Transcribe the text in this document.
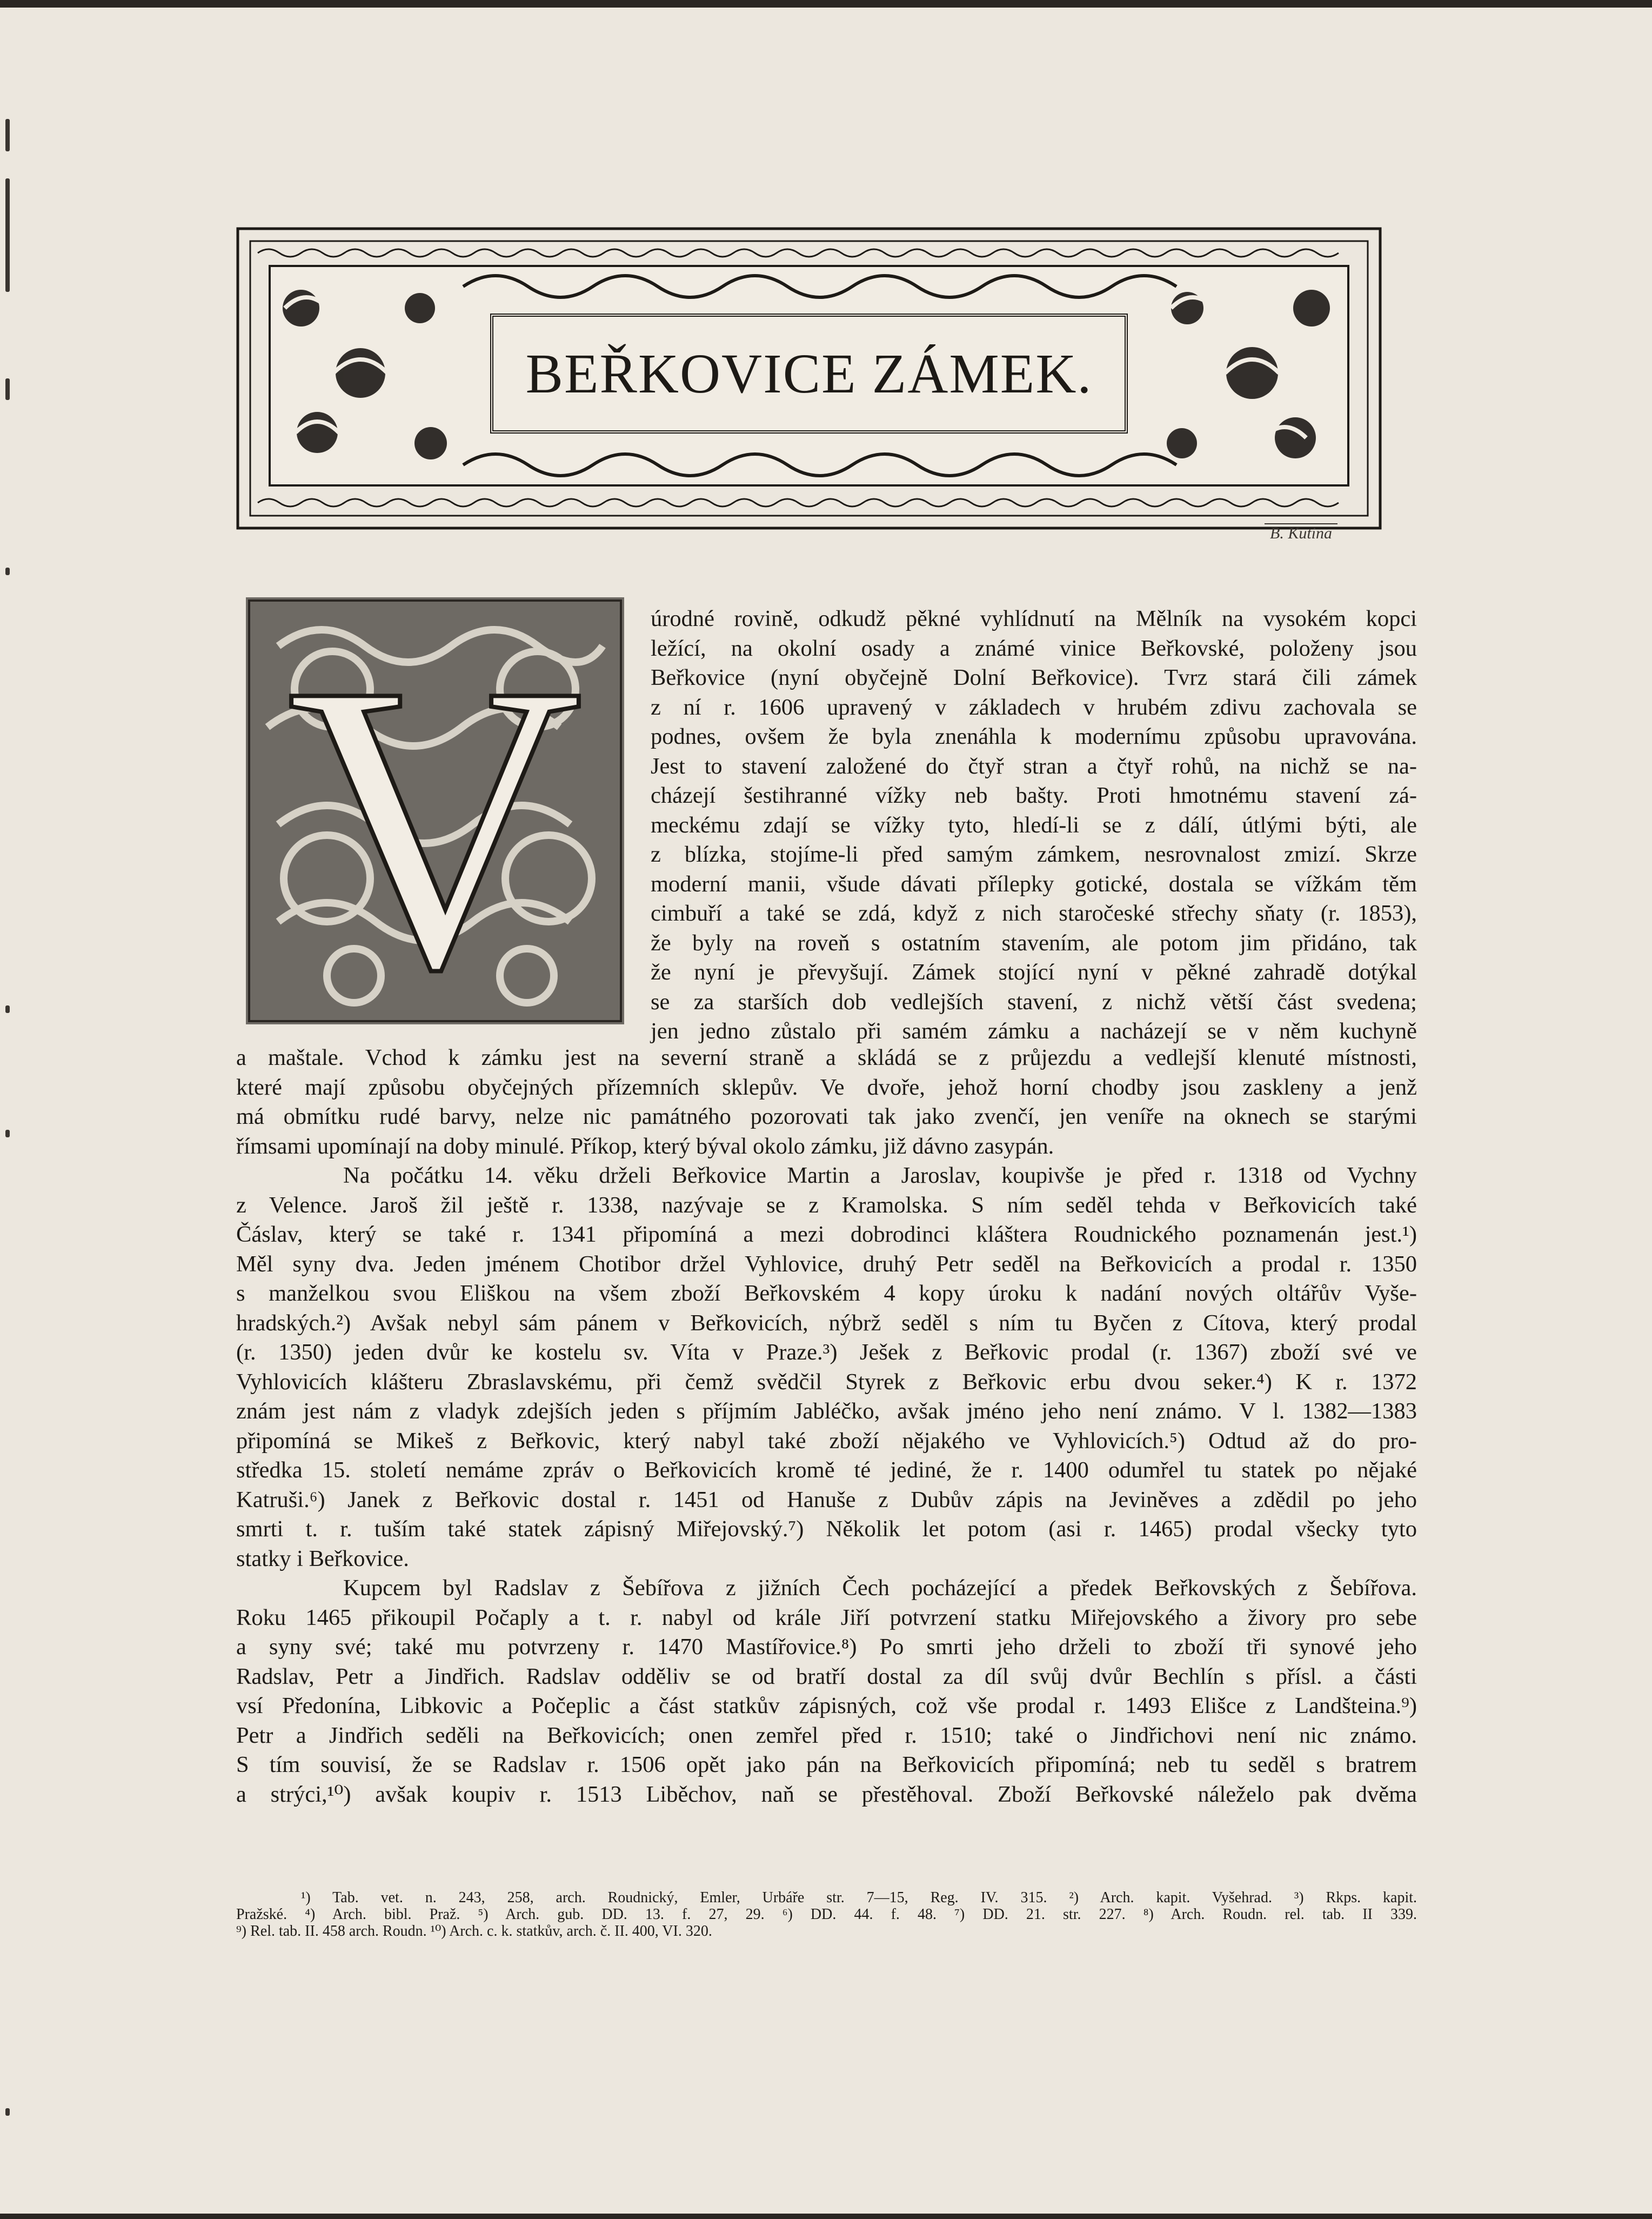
BEŘKOVICE ZÁMEK.
B. Kutina
V	úrodné rovině, odkudž pěkné vyhlídnutí na Mělník na vysokém kopci
ležící, na okolní osady a známé vinice Beřkovské, položeny jsou
Beřkovice (nyní obyčejně Dolní Beřkovice). Tvrz stará čili zámek
z ní r. 1606 upravený v základech v hrubém zdivu zachovala se
podnes, ovšem že byla znenáhla k modernímu způsobu upravována.
Jest to stavení založené do čtyř stran a čtyř rohů, na nichž se na-
cházejí šestihranné vížky neb bašty. Proti hmotnému stavení zá-
meckému zdají se vížky tyto, hledí-li se z dálí, útlými býti, ale
z blízka, stojíme-li před samým zámkem, nesrovnalost zmizí. Skrze
moderní manii, všude dávati přílepky gotické, dostala se vížkám těm
cimbuří a také se zdá, když z nich staročeské střechy sňaty (r. 1853),
že byly na roveň s ostatním stavením, ale potom jim přidáno, tak
že nyní je převyšují. Zámek stojící nyní v pěkné zahradě dotýkal
se za starších dob vedlejších stavení, z nichž větší část svedena;
jen jedno zůstalo při samém zámku a nacházejí se v něm kuchyně
a maštale. Vchod k zámku jest na severní straně a skládá se z průjezdu a vedlejší klenuté místnosti,
které mají způsobu obyčejných přízemních sklepův. Ve dvoře, jehož horní chodby jsou zaskleny a jenž
má obmítku rudé barvy, nelze nic památného pozorovati tak jako zvenčí, jen veníře na oknech se starými
římsami upomínají na doby minulé. Příkop, který býval okolo zámku, již dávno zasypán.
Na počátku 14. věku drželi Beřkovice Martin a Jaroslav, koupivše je před r. 1318 od Vychny
z Velence. Jaroš žil ještě r. 1338, nazývaje se z Kramolska. S ním seděl tehda v Beřkovicích také
Čáslav, který se také r. 1341 připomíná a mezi dobrodinci kláštera Roudnického poznamenán jest.¹)
Měl syny dva. Jeden jménem Chotibor držel Vyhlovice, druhý Petr seděl na Beřkovicích a prodal r. 1350
s manželkou svou Eliškou na všem zboží Beřkovském 4 kopy úroku k nadání nových oltářův Vyše-
hradských.²) Avšak nebyl sám pánem v Beřkovicích, nýbrž seděl s ním tu Byčen z Cítova, který prodal
(r. 1350) jeden dvůr ke kostelu sv. Víta v Praze.³) Ješek z Beřkovic prodal (r. 1367) zboží své ve
Vyhlovicích klášteru Zbraslavskému, při čemž svědčil Styrek z Beřkovic erbu dvou seker.⁴) K r. 1372
znám jest nám z vladyk zdejších jeden s příjmím Jabléčko, avšak jméno jeho není známo. V l. 1382—1383
připomíná se Mikeš z Beřkovic, který nabyl také zboží nějakého ve Vyhlovicích.⁵) Odtud až do pro-
středka 15. století nemáme zpráv o Beřkovicích kromě té jediné, že r. 1400 odumřel tu statek po nějaké
Katruši.⁶) Janek z Beřkovic dostal r. 1451 od Hanuše z Dubův zápis na Jeviněves a zdědil po jeho
smrti t. r. tuším také statek zápisný Miřejovský.⁷) Několik let potom (asi r. 1465) prodal všecky tyto
statky i Beřkovice.
Kupcem byl Radslav z Šebířova z jižních Čech pocházející a předek Beřkovských z Šebířova.
Roku 1465 přikoupil Počaply a t. r. nabyl od krále Jiří potvrzení statku Miřejovského a živory pro sebe
a syny své; také mu potvrzeny r. 1470 Mastířovice.⁸) Po smrti jeho drželi to zboží tři synové jeho
Radslav, Petr a Jindřich. Radslav odděliv se od bratří dostal za díl svůj dvůr Bechlín s přísl. a části
vsí Předonína, Libkovic a Počeplic a část statkův zápisných, což vše prodal r. 1493 Elišce z Landšteina.⁹)
Petr a Jindřich seděli na Beřkovicích; onen zemřel před r. 1510; také o Jindřichovi není nic známo.
S tím souvisí, že se Radslav r. 1506 opět jako pán na Beřkovicích připomíná; neb tu seděl s bratrem
a strýci,¹⁰) avšak koupiv r. 1513 Liběchov, naň se přestěhoval. Zboží Beřkovské náleželo pak dvěma
¹) Tab. vet. n. 243, 258, arch. Roudnický, Emler, Urbáře str. 7—15, Reg. IV. 315. ²) Arch. kapit. Vyšehrad. ³) Rkps. kapit.
Pražské. ⁴) Arch. bibl. Praž. ⁵) Arch. gub. DD. 13. f. 27, 29. ⁶) DD. 44. f. 48. ⁷) DD. 21. str. 227. ⁸) Arch. Roudn. rel. tab. II 339.
⁹) Rel. tab. II. 458 arch. Roudn. ¹⁰) Arch. c. k. statkův, arch. č. II. 400, VI. 320.
